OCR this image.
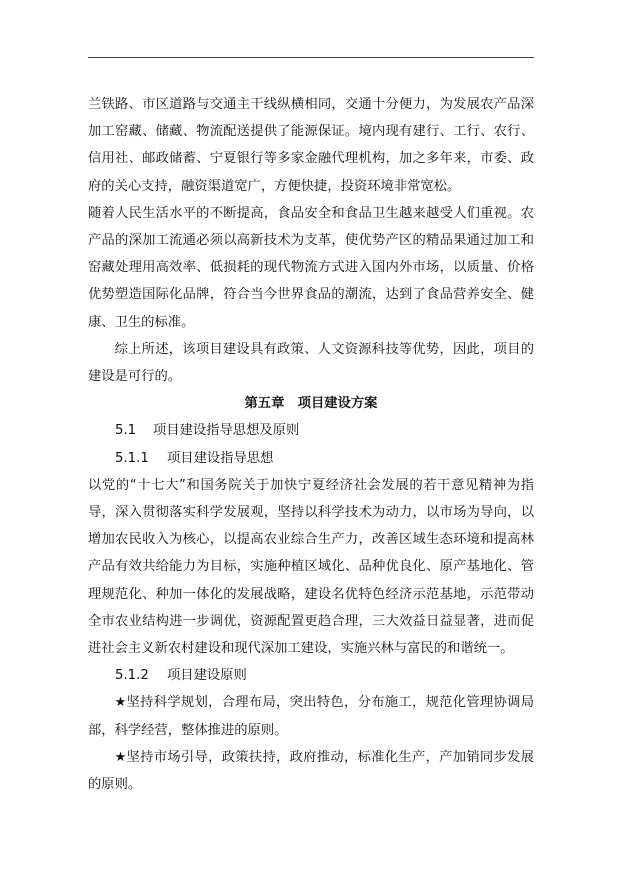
兰铁路、市区道路与交通主干线纵横相同，交通十分便力，为发展农产品深加工窑藏、储藏、物流配送提供了能源保证。境内现有建行、工行、农行、信用社、邮政储蓄、宁夏银行等多家金融代理机构，加之多年来，市委、政府的关心支持，融资渠道宽广，方便快捷，投资环境非常宽松。

随着人民生活水平的不断提高，食品安全和食品卫生越来越受人们重视。农产品的深加工流通必须以高新技术为支革，使优势产区的精品果通过加工和窑藏处理用高效率、低损耗的现代物流方式进入国内外市场，以质量、价格优势塑造国际化品牌，符合当今世界食品的潮流，达到了食品营养安全、健康、卫生的标准。

综上所述，该项目建设具有政策、人文资源科技等优势，因此，项目的建设是可行的。

第五章　项目建设方案

5.1 项目建设指导思想及原则

5.1.1 项目建设指导思想

以党的“十七大”和国务院关于加快宁夏经济社会发展的若干意见精神为指导，深入贯彻落实科学发展观，坚持以科学技术为动力，以市场为导向，以增加农民收入为核心，以提高农业综合生产力，改善区域生态环境和提高林产品有效共给能力为目标，实施种植区域化、品种优良化、原产基地化、管理规范化、种加一体化的发展战略，建设名优特色经济示范基地，示范带动全市农业结构进一步调优，资源配置更趋合理，三大效益日益显著，进而促进社会主义新农村建设和现代深加工建设，实施兴林与富民的和谐统一。

5.1.2 项目建设原则

★坚持科学规划，合理布局，突出特色，分布施工，规范化管理协调局部，科学经营，整体推进的原则。

★坚持市场引导，政策扶持，政府推动，标准化生产，产加销同步发展的原则。
